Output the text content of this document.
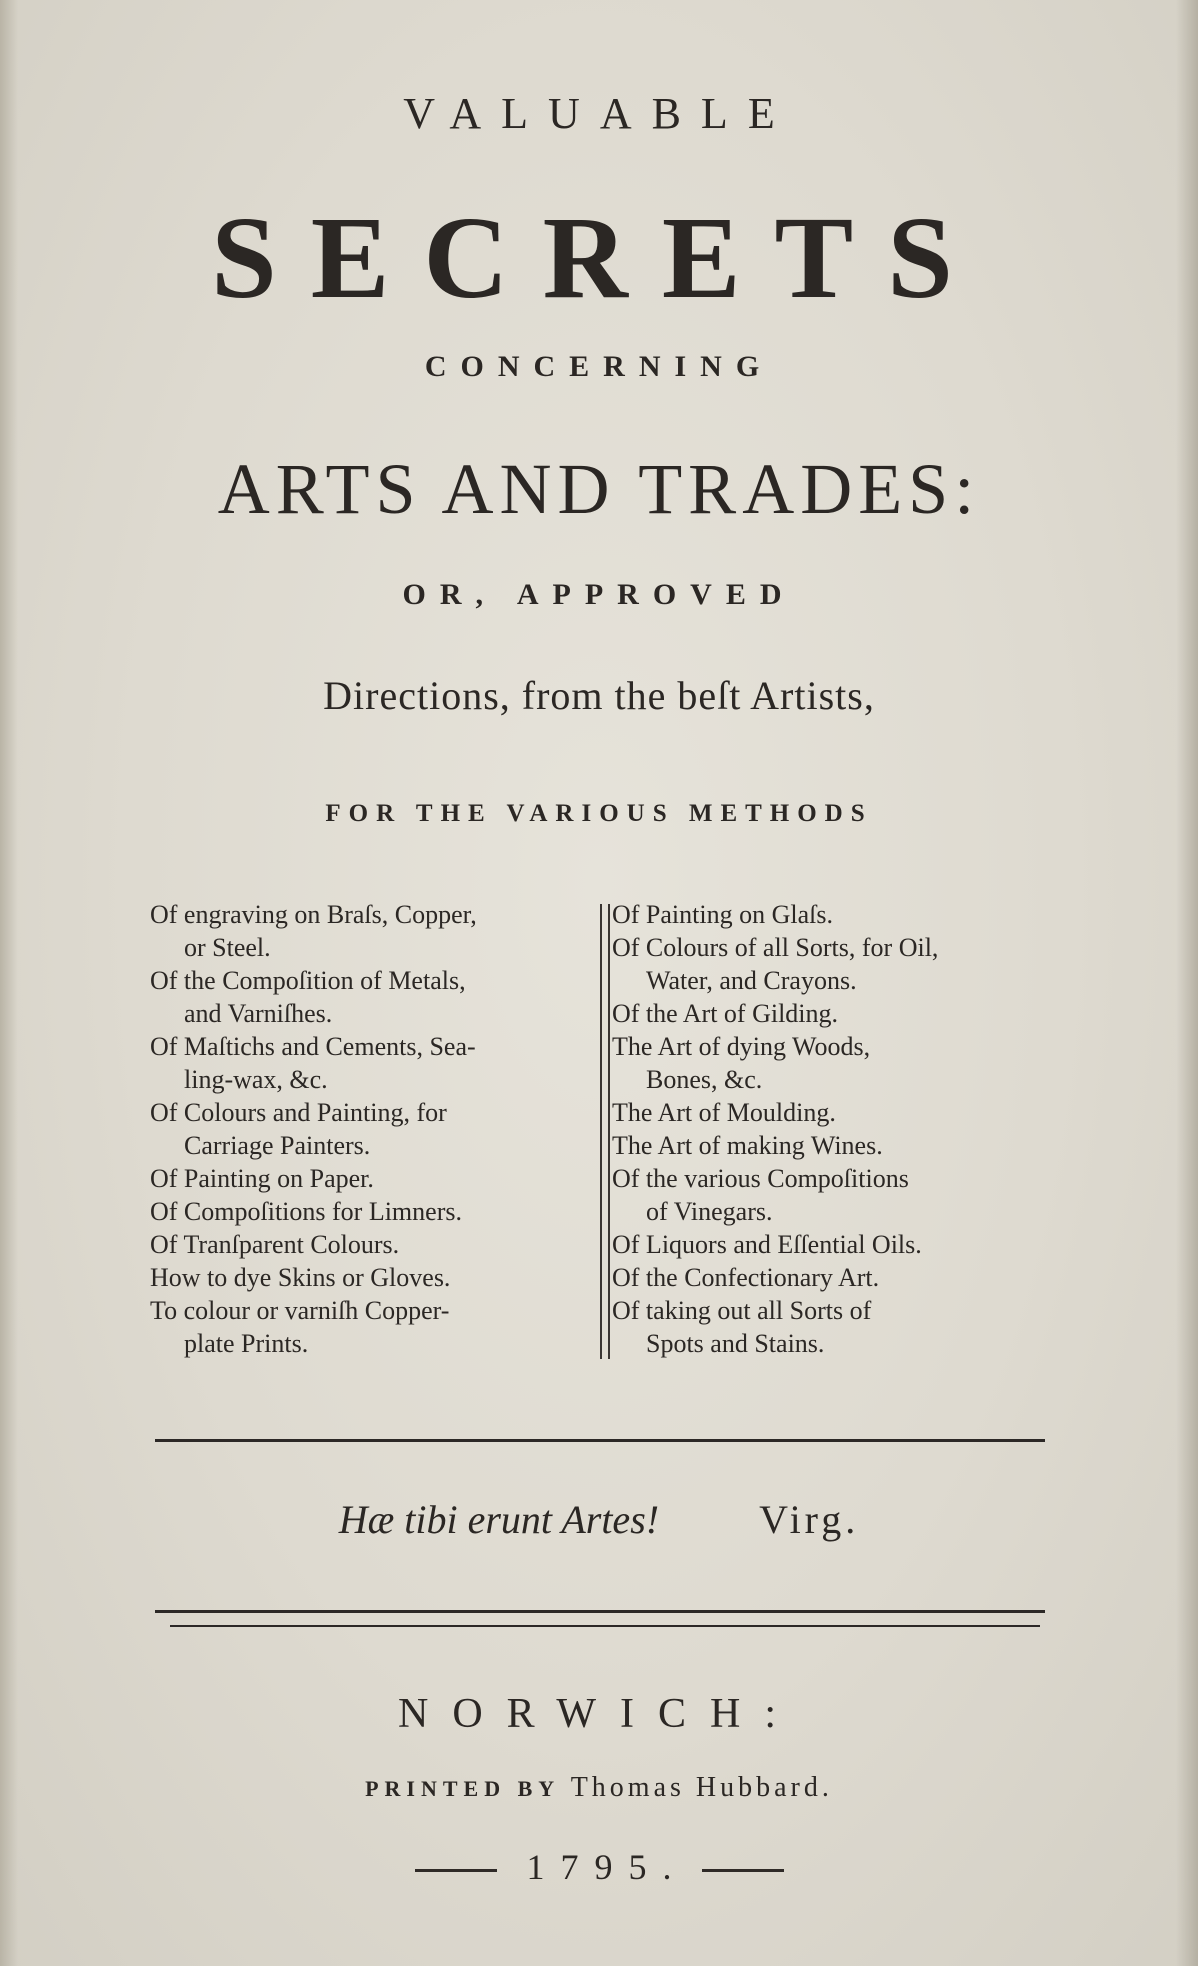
VALUABLE
SECRETS
CONCERNING
ARTS AND TRADES:
OR, APPROVED
Directions, from the beſt Artists,
FOR THE VARIOUS METHODS

Of engraving on Braſs, Copper,
or Steel.

Of the Compoſition of Metals,
and Varniſhes.

Of Maſtichs and Cements, Sea-
ling-wax, &c.

Of Colours and Painting, for
Carriage Painters.

Of Painting on Paper.

Of Compoſitions for Limners.

Of Tranſparent Colours.

How to dye Skins or Gloves.

To colour or varniſh Copper-
plate Prints.

Of Painting on Glaſs.

Of Colours of all Sorts, for Oil,
Water, and Crayons.

Of the Art of Gilding.

The Art of dying Woods,
Bones, &c.

The Art of Moulding.

The Art of making Wines.

Of the various Compoſitions
of Vinegars.

Of Liquors and Eſſential Oils.

Of the Confectionary Art.

Of taking out all Sorts of
Spots and Stains.

Hæ tibi erunt Artes!	Virg.
NORWICH:
PRINTED BY Thomas Hubbard.
1795.
